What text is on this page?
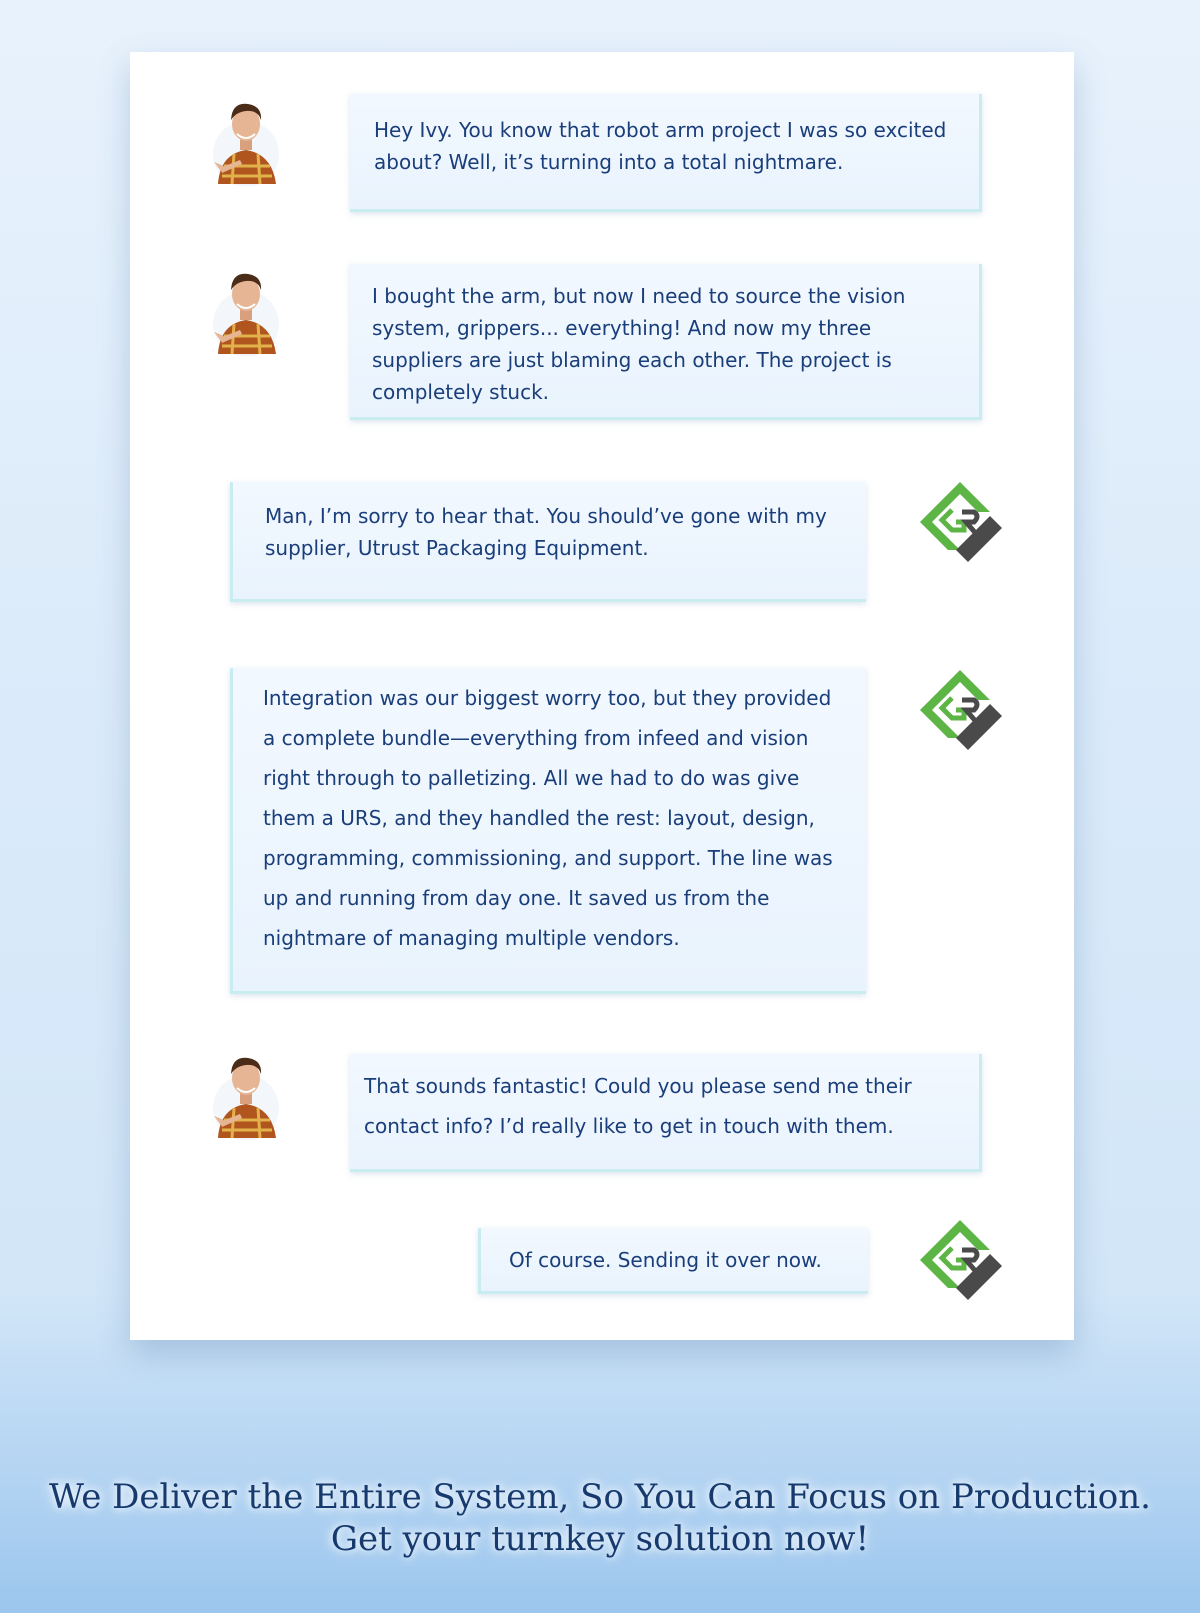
Hey Ivy. You know that robot arm project I was so excited about? Well, it’s turning into a total nightmare.
I bought the arm, but now I need to source the vision system, grippers... everything! And now my three suppliers are just blaming each other. The project is completely stuck.
Man, I’m sorry to hear that. You should’ve gone with my supplier, Utrust Packaging Equipment.
Integration was our biggest worry too, but they provided a complete bundle—everything from infeed and vision right through to palletizing. All we had to do was give them a URS, and they handled the rest: layout, design, programming, commissioning, and support. The line was up and running from day one. It saved us from the nightmare of managing multiple vendors.
That sounds fantastic! Could you please send me their contact info? I’d really like to get in touch with them.
Of course. Sending it over now.
We Deliver the Entire System, So You Can Focus on Production.
Get your turnkey solution now!
